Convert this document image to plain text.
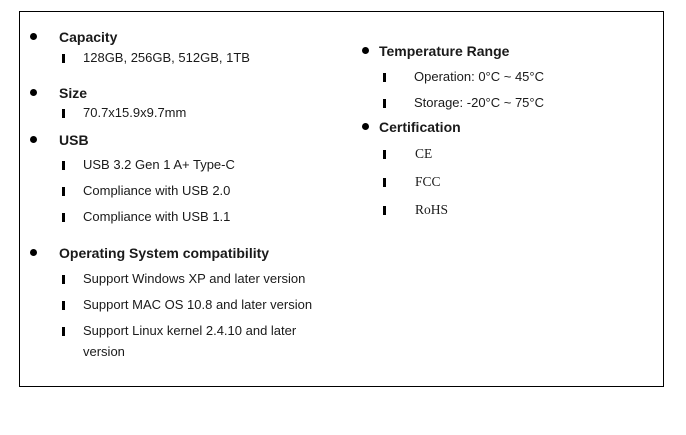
Capacity
128GB, 256GB, 512GB, 1TB
Size
70.7x15.9x9.7mm
USB
USB 3.2 Gen 1 A+ Type-C
Compliance with USB 2.0
Compliance with USB 1.1
Operating System compatibility
Support Windows XP and later version
Support MAC OS 10.8 and later version
Support Linux kernel 2.4.10 and later version
Temperature Range
Operation: 0°C ~ 45°C
Storage: -20°C ~ 75°C
Certification
CE
FCC
RoHS
